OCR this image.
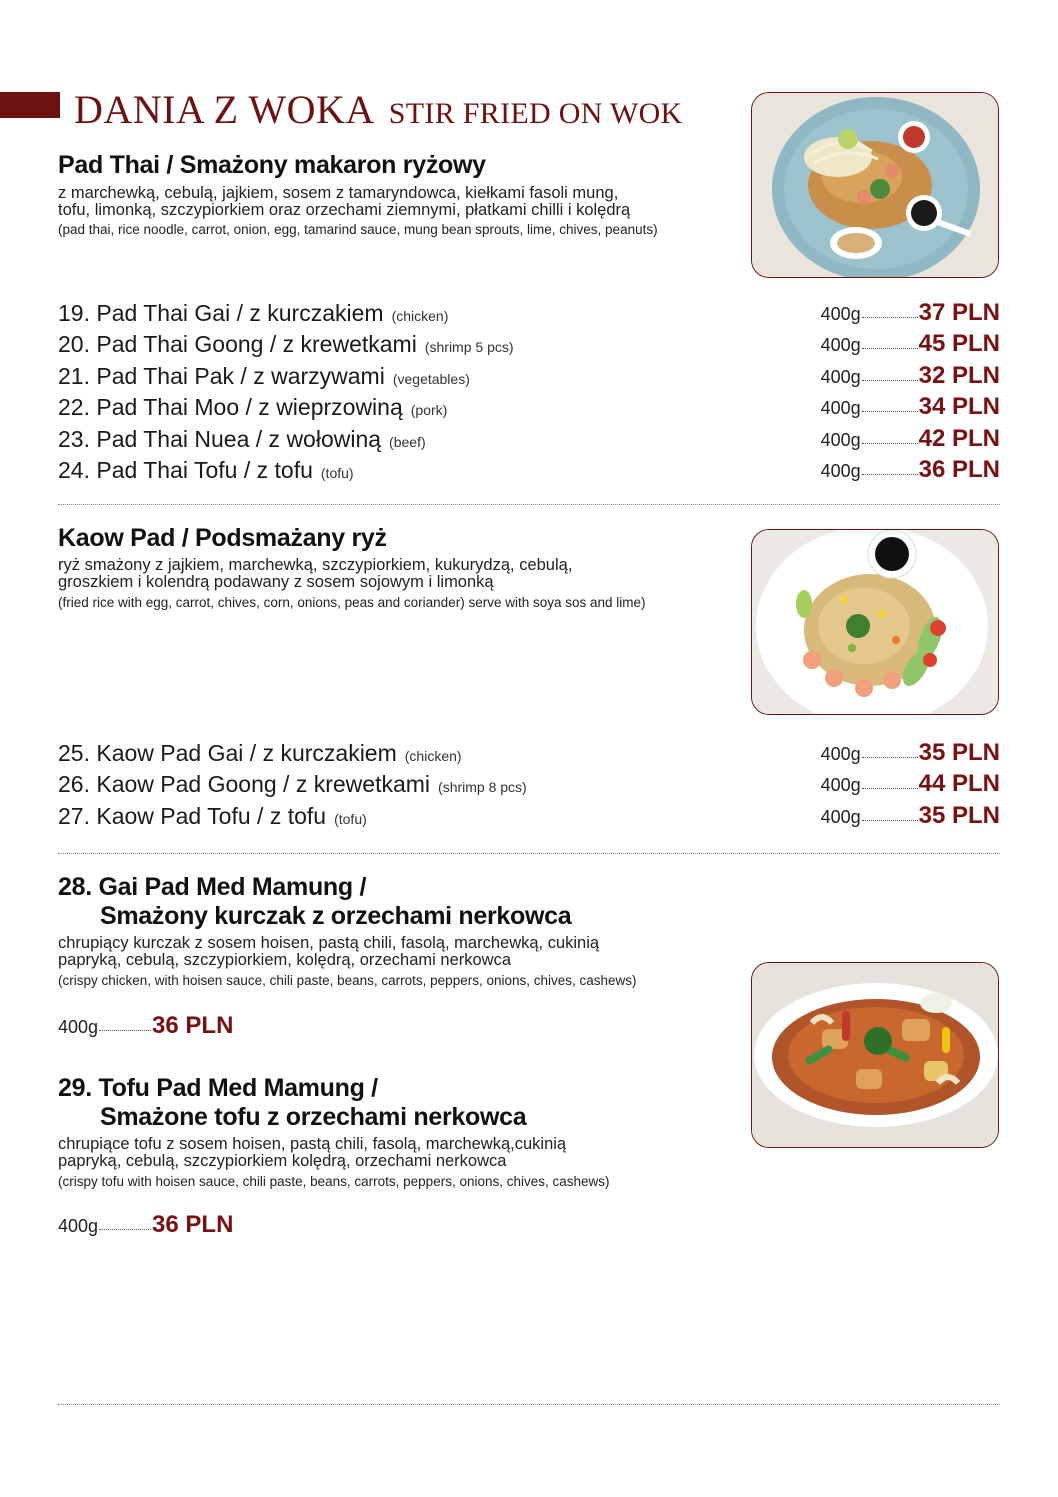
DANIA Z WOKA STIR FRIED ON WOK
Pad Thai / Smażony makaron ryżowy
z marchewką, cebulą, jajkiem, sosem z tamaryndowca, kiełkami fasoli mung,
tofu, limonką, szczypiorkiem oraz orzechami ziemnymi, płatkami chilli i kolędrą
(pad thai, rice noodle, carrot, onion, egg, tamarind sauce, mung bean sprouts, lime, chives, peanuts)
19. Pad Thai Gai / z kurczakiem (chicken)	400g 37 PLN
20. Pad Thai Goong / z krewetkami (shrimp 5 pcs)	400g 45 PLN
21. Pad Thai Pak / z warzywami (vegetables)	400g 32 PLN
22. Pad Thai Moo / z wieprzowiną (pork)	400g 34 PLN
23. Pad Thai Nuea / z wołowiną (beef)	400g 42 PLN
24. Pad Thai Tofu / z tofu (tofu)	400g 36 PLN
Kaow Pad / Podsmażany ryż
ryż smażony z jajkiem, marchewką, szczypiorkiem, kukurydzą, cebulą,
groszkiem i kolendrą podawany z sosem sojowym i limonką
(fried rice with egg, carrot, chives, corn, onions, peas and coriander) serve with soya sos and lime)
25. Kaow Pad Gai / z kurczakiem (chicken)	400g 35 PLN
26. Kaow Pad Goong / z krewetkami (shrimp 8 pcs)	400g 44 PLN
27. Kaow Pad Tofu / z tofu (tofu)	400g 35 PLN
28. Gai Pad Med Mamung /
Smażony kurczak z orzechami nerkowca
chrupiący kurczak z sosem hoisen, pastą chili, fasolą, marchewką, cukinią
papryką, cebulą, szczypiorkiem, kolędrą, orzechami nerkowca
(crispy chicken, with hoisen sauce, chili paste, beans, carrots, peppers, onions, chives, cashews)
400g 36 PLN
29. Tofu Pad Med Mamung /
Smażone tofu z orzechami nerkowca
chrupiące tofu z sosem hoisen, pastą chili, fasolą, marchewką,cukinią
papryką, cebulą, szczypiorkiem kolędrą, orzechami nerkowca
(crispy tofu with hoisen sauce, chili paste, beans, carrots, peppers, onions, chives, cashews)
400g 36 PLN
